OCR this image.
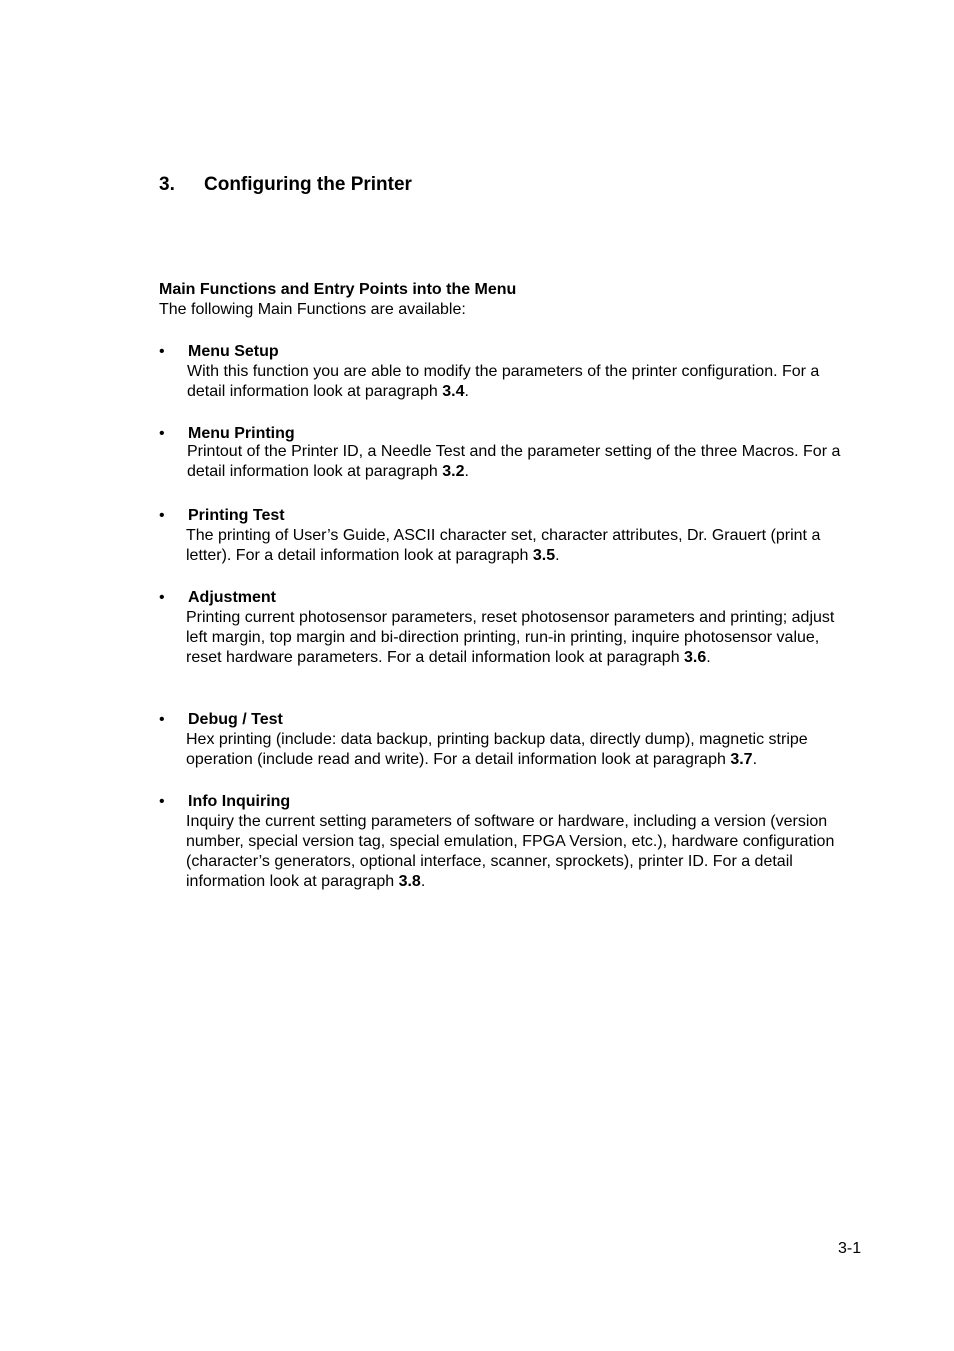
3. Configuring the Printer
Main Functions and Entry Points into the Menu
The following Main Functions are available:
•	Menu Setup
With this function you are able to modify the parameters of the printer configuration. For a detail information look at paragraph 3.4.
•	Menu Printing
Printout of the Printer ID, a Needle Test and the parameter setting of the three Macros. For a detail information look at paragraph 3.2.
•	Printing Test
The printing of User’s Guide, ASCII character set, character attributes, Dr. Grauert (print a letter). For a detail information look at paragraph 3.5.
•	Adjustment
Printing current photosensor parameters, reset photosensor parameters and printing; adjust left margin, top margin and bi-direction printing, run-in printing, inquire photosensor value, reset hardware parameters. For a detail information look at paragraph 3.6.
•	Debug / Test
Hex printing (include: data backup, printing backup data, directly dump), magnetic stripe operation (include read and write). For a detail information look at paragraph 3.7.
•	Info Inquiring
Inquiry the current setting parameters of software or hardware, including a version (version number, special version tag, special emulation, FPGA Version, etc.), hardware configuration (character’s generators, optional interface, scanner, sprockets), printer ID. For a detail information look at paragraph 3.8.
3-1
